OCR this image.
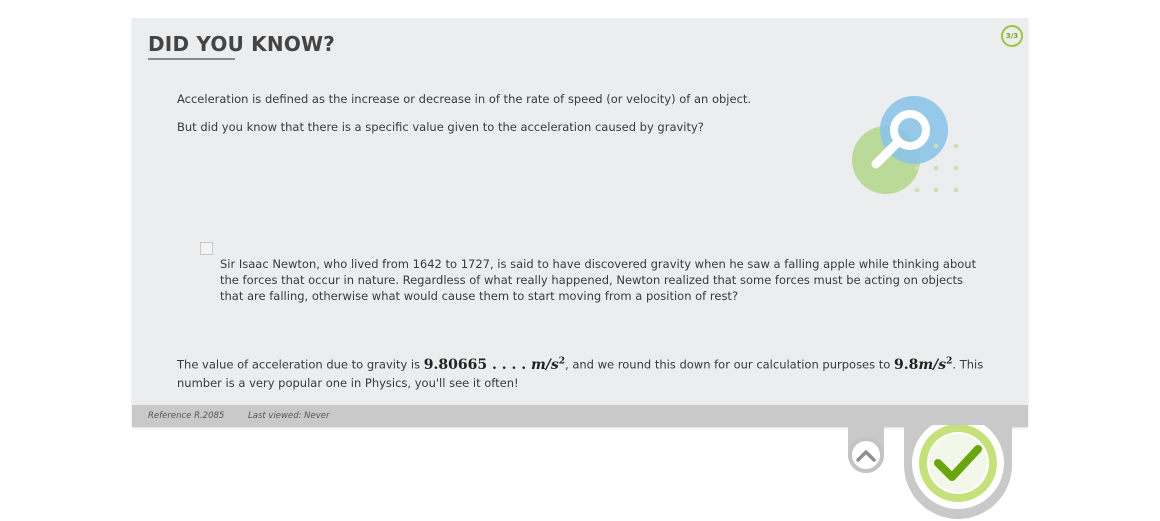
DID YOU KNOW?	3/3

Acceleration is defined as the increase or decrease in of the rate of speed (or velocity) of an object.

But did you know that there is a specific value given to the acceleration caused by gravity?

Sir Isaac Newton, who lived from 1642 to 1727, is said to have discovered gravity when he saw a falling apple while thinking about the forces that occur in nature. Regardless of what really happened, Newton realized that some forces must be acting on objects that are falling, otherwise what would cause them to start moving from a position of rest?

The value of acceleration due to gravity is 9.80665 . . . . $m/s^2$, and we round this down for our calculation purposes to $9.8m/s^2$. This number is a very popular one in Physics, you'll see it often!

Reference R.2085	Last viewed: Never
